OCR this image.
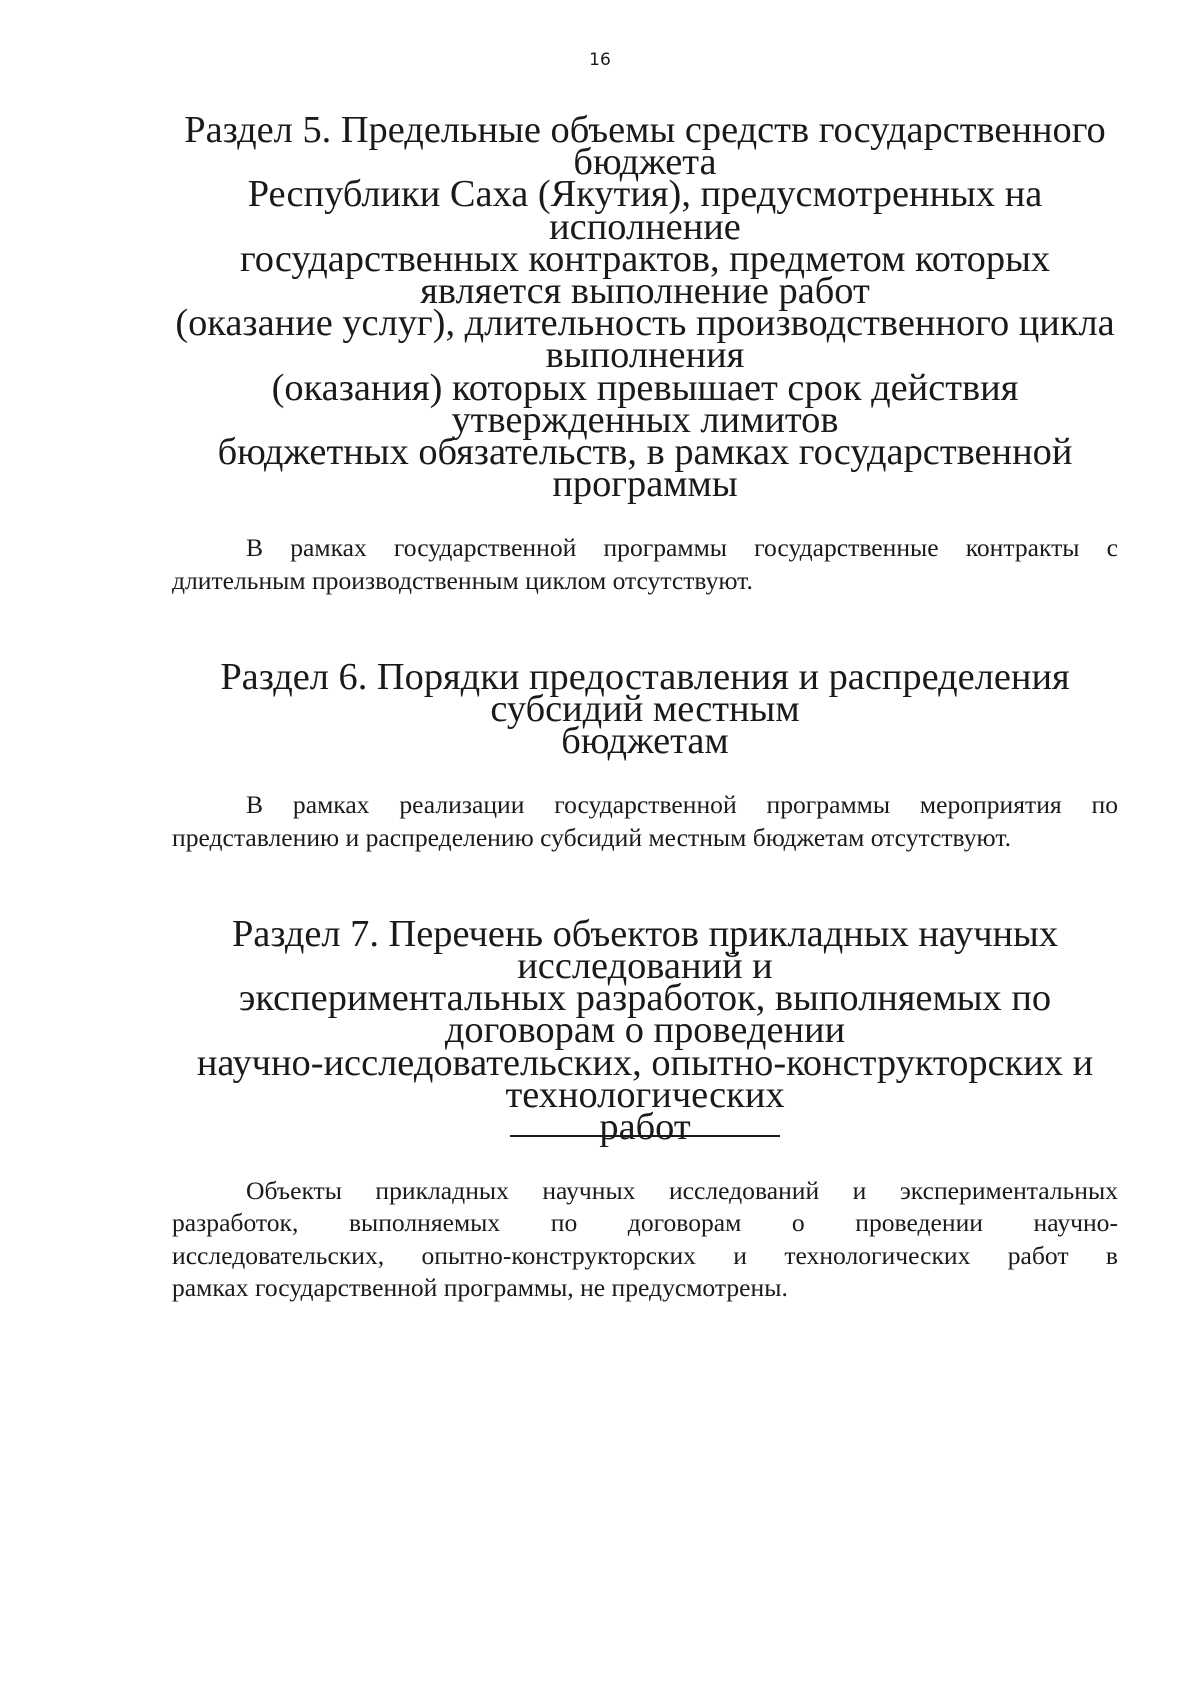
16
Раздел 5. Предельные объемы средств государственного бюджета
Республики Саха (Якутия), предусмотренных на исполнение
государственных контрактов, предметом которых является выполнение работ
(оказание услуг), длительность производственного цикла выполнения
(оказания) которых превышает срок действия утвержденных лимитов
бюджетных обязательств, в рамках государственной программы

В рамках государственной программы государственные контракты с длительным производственным циклом отсутствуют.

Раздел 6. Порядки предоставления и распределения субсидий местным
бюджетам

В рамках реализации государственной программы мероприятия по представлению и распределению субсидий местным бюджетам отсутствуют.

Раздел 7. Перечень объектов прикладных научных исследований и
экспериментальных разработок, выполняемых по договорам о проведении
научно-исследовательских, опытно-конструкторских и технологических
работ

Объекты прикладных научных исследований и экспериментальных
разработок, выполняемых по договорам о проведении научно-
исследовательских, опытно-конструкторских и технологических работ в
рамках государственной программы, не предусмотрены.
